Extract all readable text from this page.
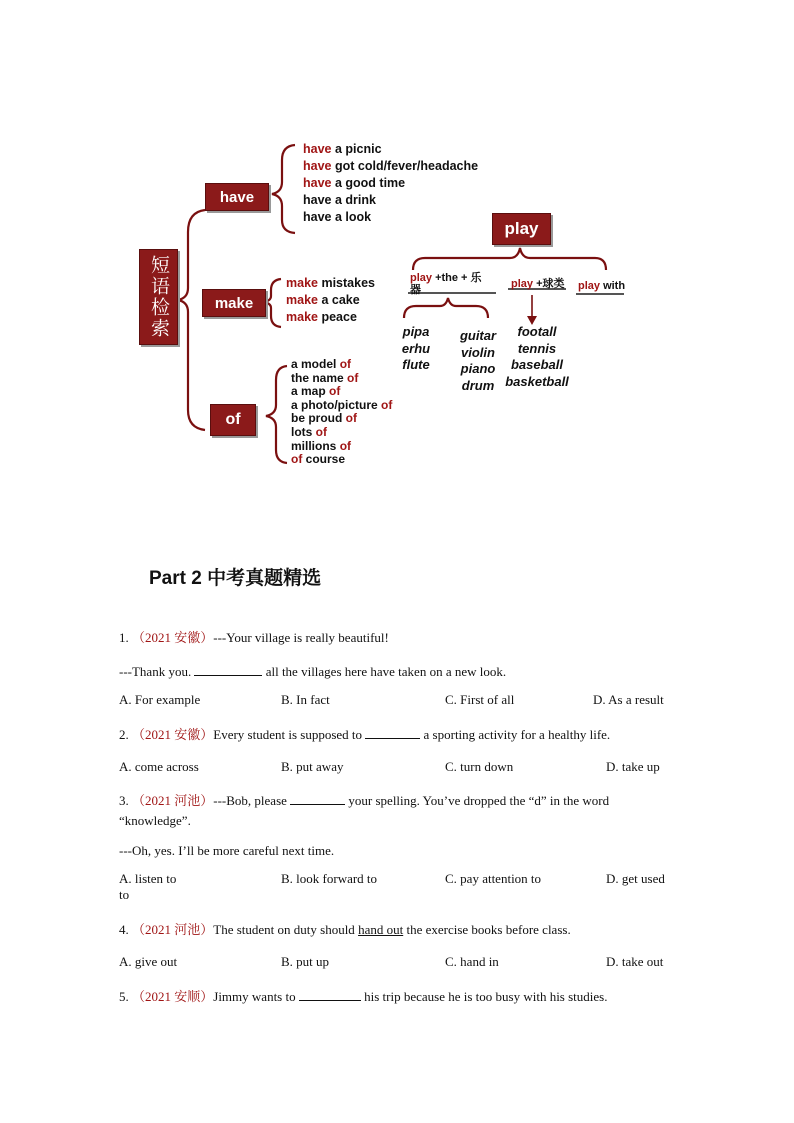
短语检索
have
make
of
play
have a picnic
have got cold/fever/headache
have a good time
have a drink
have a look
make mistakes
make a cake
make peace
a model of
the name of
a map of
a photo/picture of
be proud of
lots of
millions of
of course
play +the + 乐
器	play +球类 play with
pipa
erhu
flute
guitar
violin
piano
drum
footall
tennis
baseball
basketball
Part 2 中考真题精选
1. （2021 安徽）---Your village is really beautiful!
---Thank you.	all the villages here have taken on a new look.
A. For example	B. In fact	C. First of all	D. As a result
2. （2021 安徽）Every student is supposed to	a sporting activity for a healthy life.
A. come across	B. put away	C. turn down	D. take up
3. （2021 河池）---Bob, please	your spelling. You’ve dropped the “d” in the word
“knowledge”.
---Oh, yes. I’ll be more careful next time.
A. listen to	B. look forward to	C. pay attention to	D. get used
to
4. （2021 河池）The student on duty should hand out the exercise books before class.
A. give out	B. put up	C. hand in	D. take out
5. （2021 安顺）Jimmy wants to	his trip because he is too busy with his studies.
